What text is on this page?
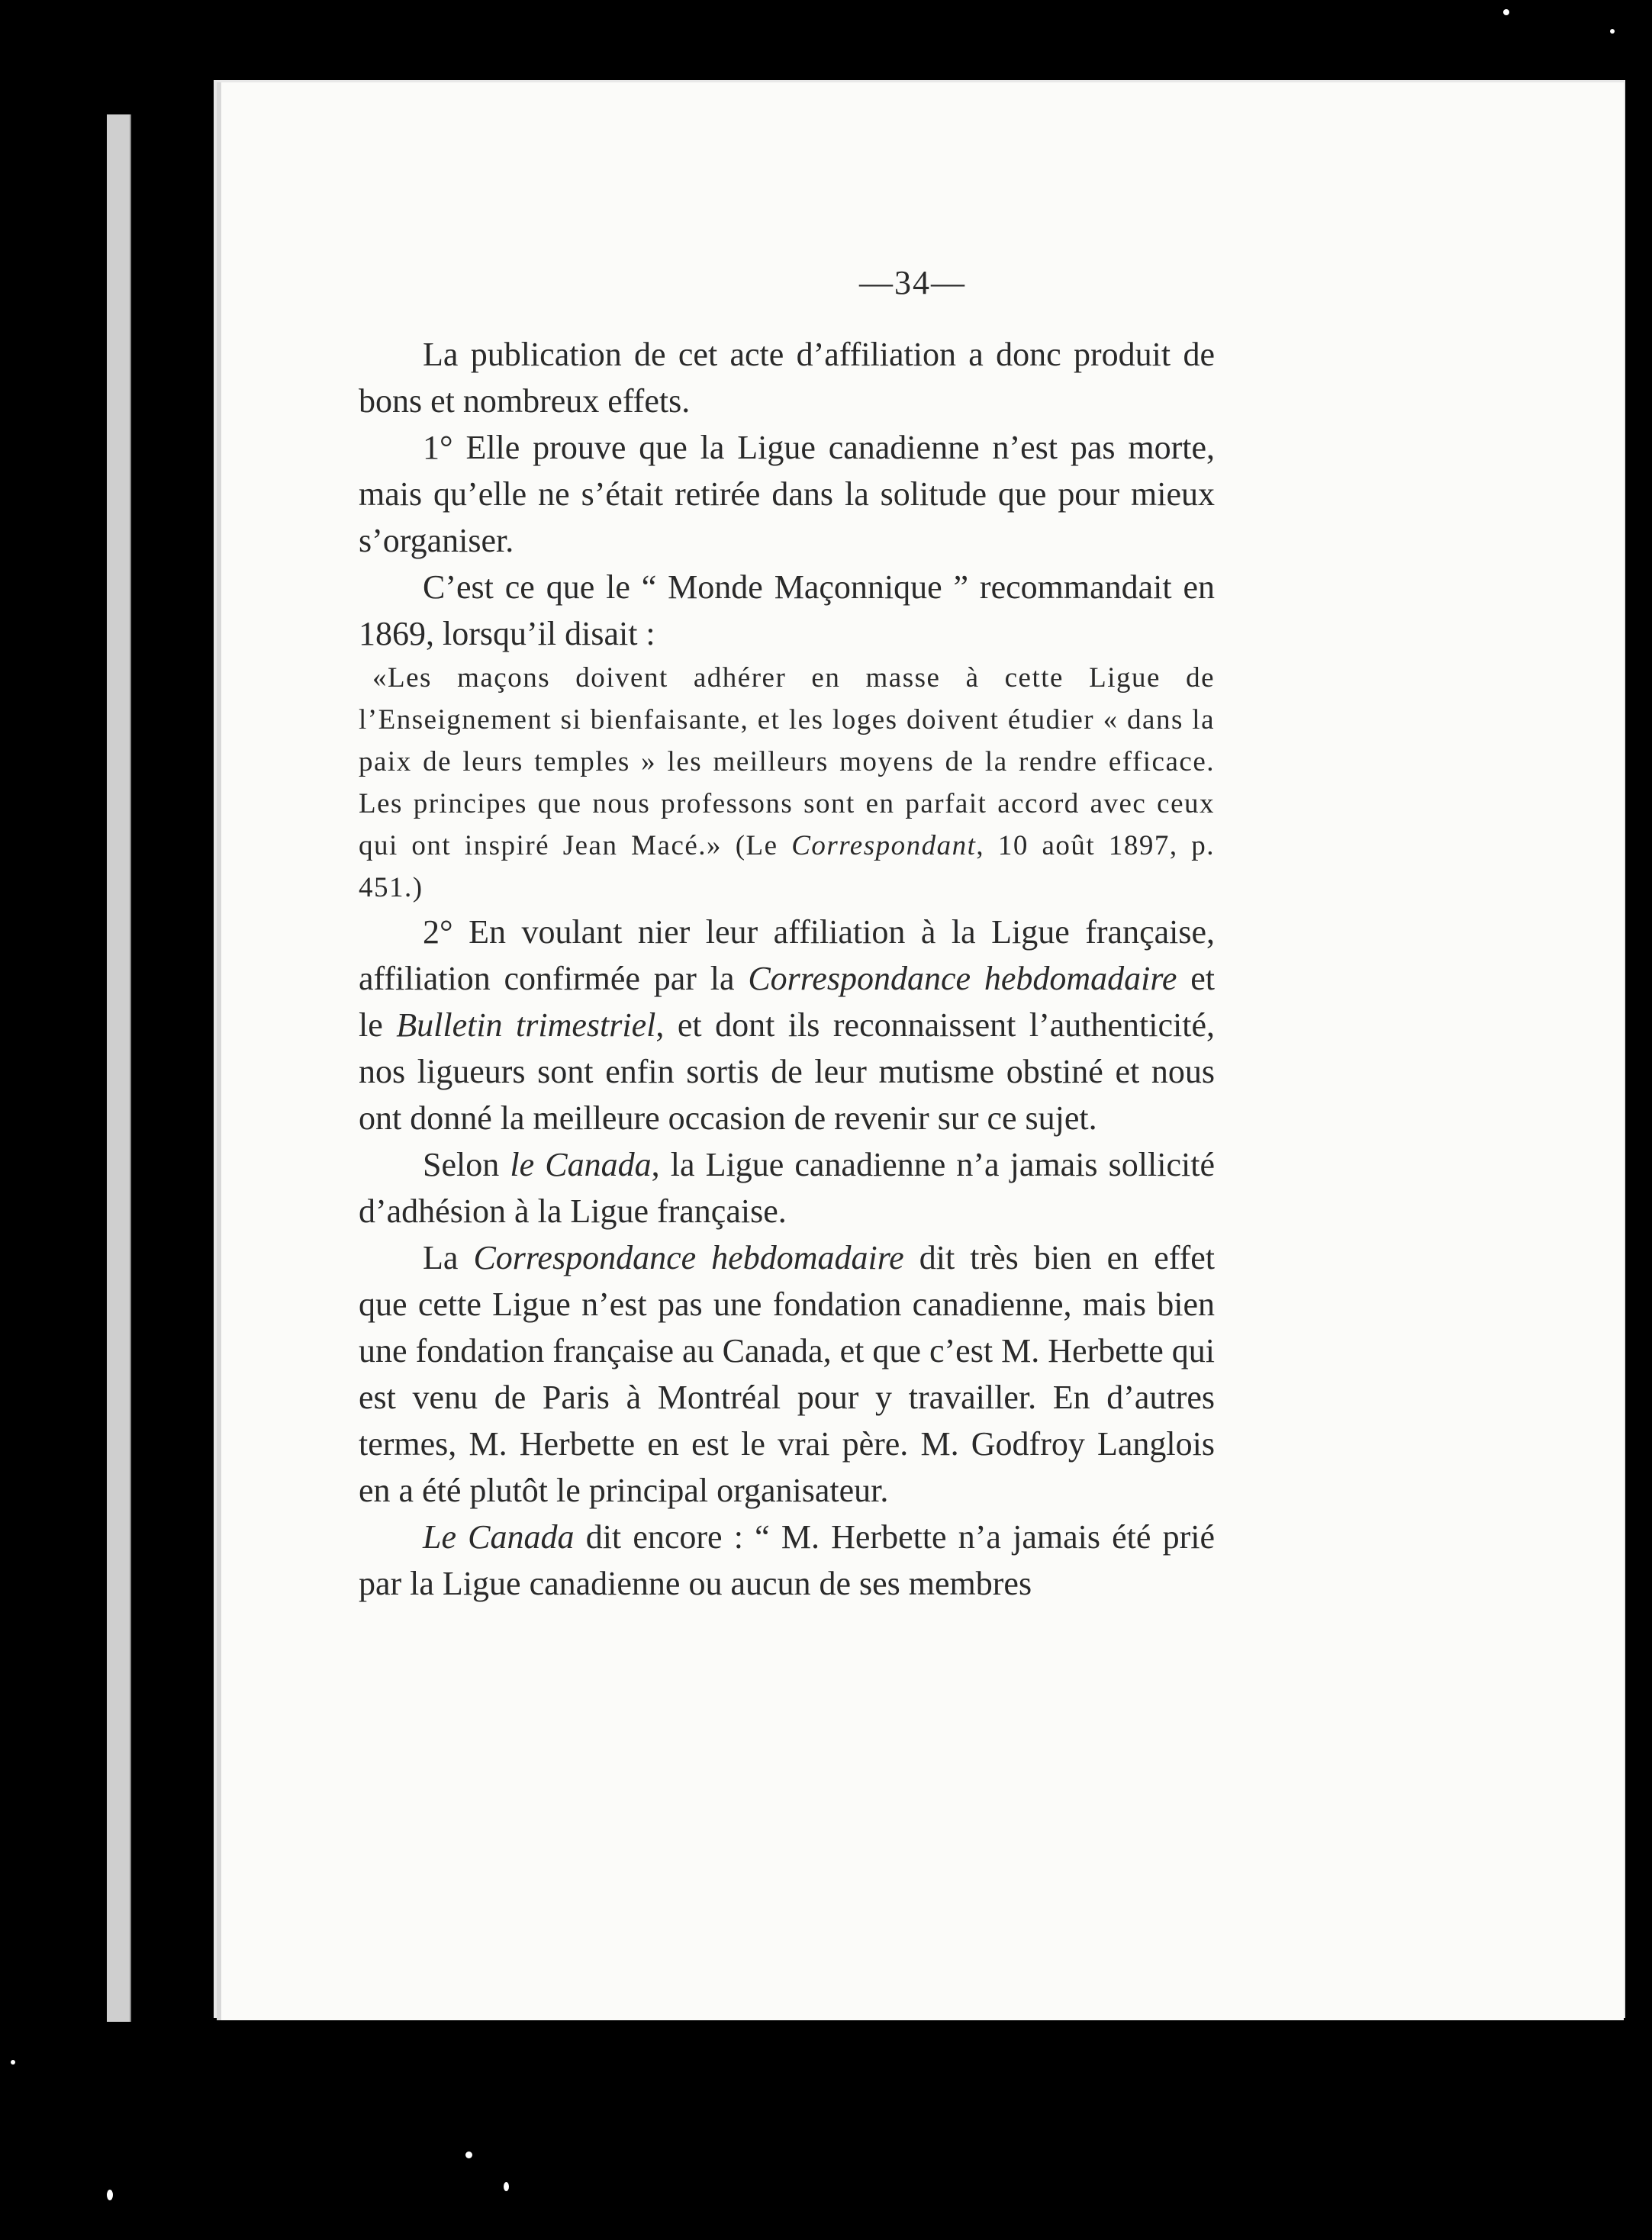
—34—

La publication de cet acte d’affiliation a donc produit de bons et nombreux effets.

1° Elle prouve que la Ligue canadienne n’est pas morte, mais qu’elle ne s’était retirée dans la solitude que pour mieux s’organiser.

C’est ce que le “ Monde Maçonnique ” recommandait en 1869, lorsqu’il disait :

«Les maçons doivent adhérer en masse à cette Ligue de l’Enseignement si bienfaisante, et les loges doivent étudier « dans la paix de leurs temples » les meilleurs moyens de la rendre efficace. Les principes que nous professons sont en parfait accord avec ceux qui ont inspiré Jean Macé.» (Le Correspondant, 10 août 1897, p. 451.)

2° En voulant nier leur affiliation à la Ligue française, affiliation confirmée par la Correspondance hebdomadaire et le Bulletin trimestriel, et dont ils reconnaissent l’authenticité, nos ligueurs sont enfin sortis de leur mutisme obstiné et nous ont donné la meilleure occasion de revenir sur ce sujet.

Selon le Canada, la Ligue canadienne n’a jamais sollicité d’adhésion à la Ligue française.

La Correspondance hebdomadaire dit très bien en effet que cette Ligue n’est pas une fondation canadienne, mais bien une fondation française au Canada, et que c’est M. Herbette qui est venu de Paris à Montréal pour y travailler. En d’autres termes, M. Herbette en est le vrai père. M. Godfroy Langlois en a été plutôt le principal organisateur.

Le Canada dit encore : “ M. Herbette n’a jamais été prié par la Ligue canadienne ou aucun de ses membres
